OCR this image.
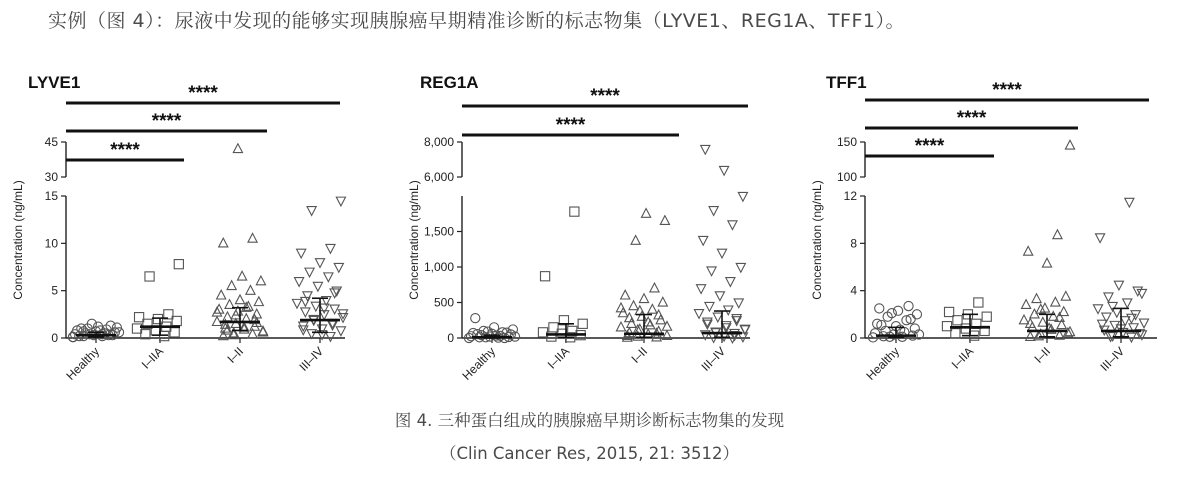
实例（图 4）：尿液中发现的能够实现胰腺癌早期精准诊断的标志物集（LYVE1、REG1A、TFF1）。
LYVE1
Concentration (ng/mL)
0
5
10
15
30
45
Healthy	I–IIA	I–II	III–IV
****
****
****
REG1A
Concentration (ng/mL)
0
500
1,000
1,500
6,000
8,000
Healthy	I–IIA	I–II	III–IV
****
****
TFF1
Concentration (ng/mL)
0
4
8
12
100
150
Healthy	I–IIA	I–II	III–IV
****
****
****
图 4. 三种蛋白组成的胰腺癌早期诊断标志物集的发现
（Clin Cancer Res, 2015, 21: 3512）
